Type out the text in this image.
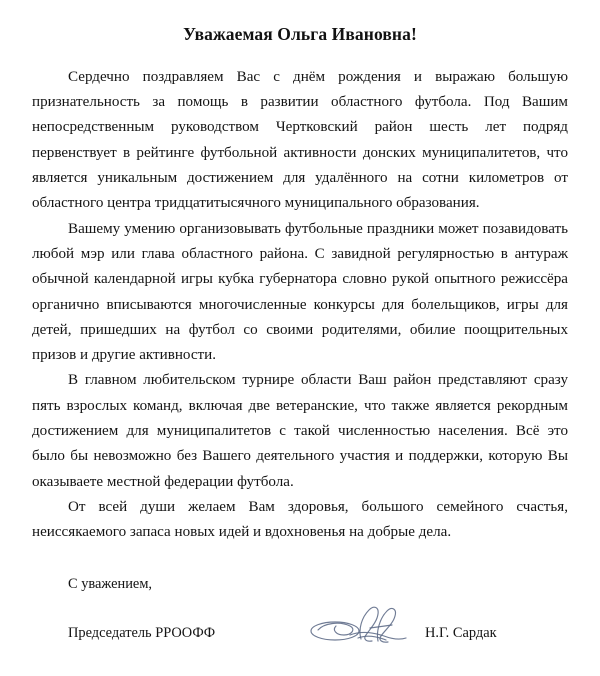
Уважаемая Ольга Ивановна!

Сердечно поздравляем Вас с днём рождения и выражаю большую признательность за помощь в развитии областного футбола. Под Вашим непосредственным руководством Чертковский район шесть лет подряд первенствует в рейтинге футбольной активности донских муниципалитетов, что является уникальным достижением для удалённого на сотни километров от областного центра тридцатитысячного муниципального образования.

Вашему умению организовывать футбольные праздники может позавидовать любой мэр или глава областного района. С завидной регулярностью в антураж обычной календарной игры кубка губернатора словно рукой опытного режиссёра органично вписываются многочисленные конкурсы для болельщиков, игры для детей, пришедших на футбол со своими родителями, обилие поощрительных призов и другие активности.

В главном любительском турнире области Ваш район представляют сразу пять взрослых команд, включая две ветеранские, что также является рекордным достижением для муниципалитетов с такой численностью населения. Всё это было бы невозможно без Вашего деятельного участия и поддержки, которую Вы оказываете местной федерации футбола.

От всей души желаем Вам здоровья, большого семейного счастья, неиссякаемого запаса новых идей и вдохновенья на добрые дела.

С уважением,
Председатель РРООФФ	Н.Г. Сардак
